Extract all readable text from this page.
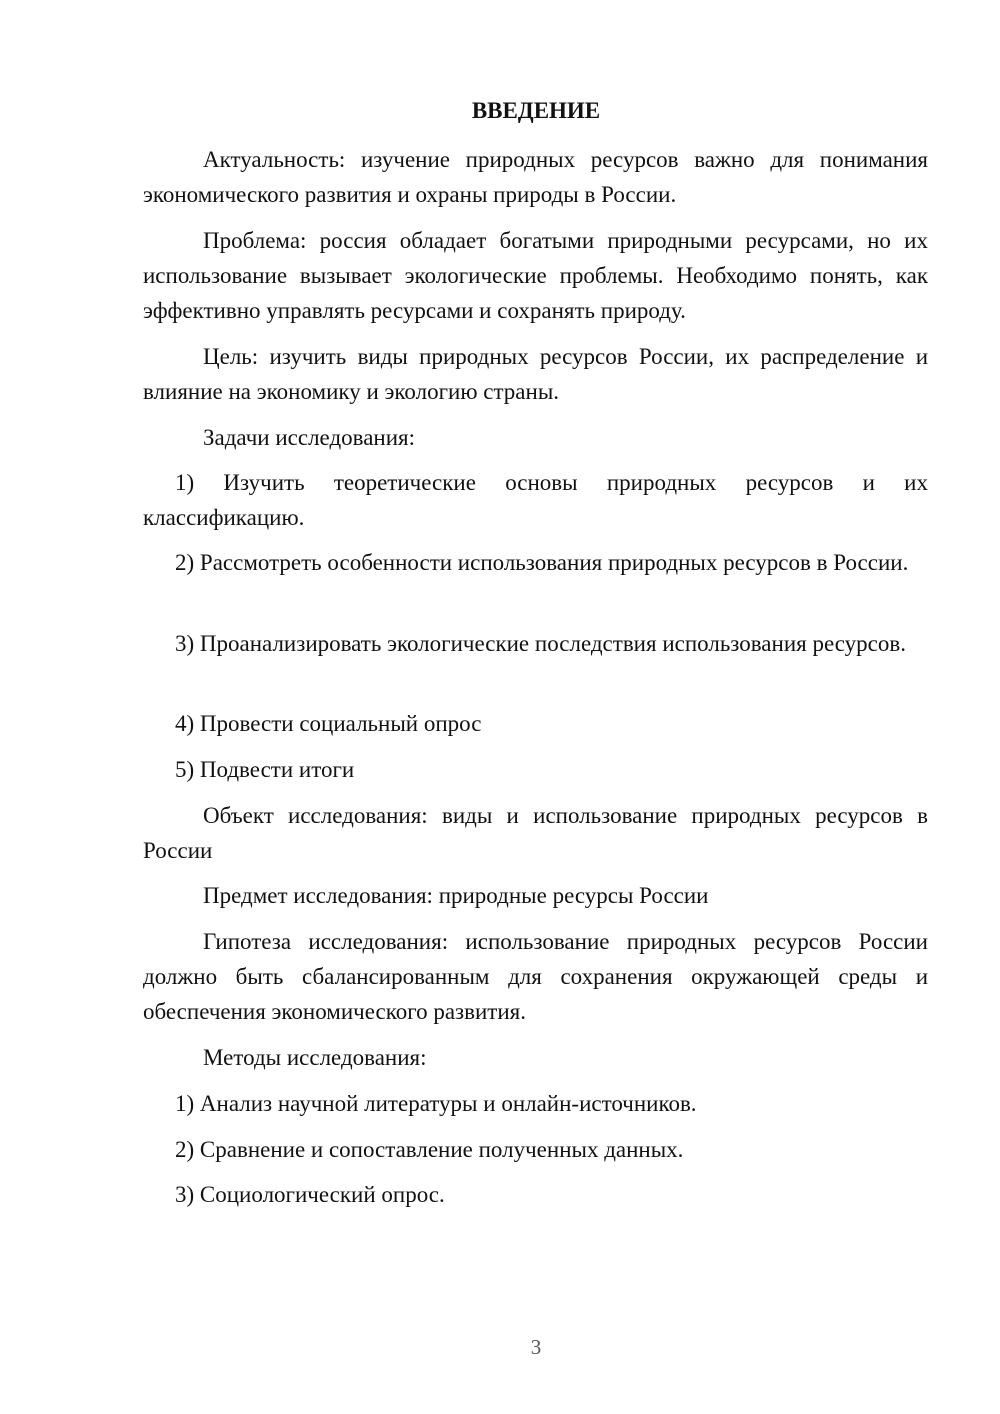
ВВЕДЕНИЕ

Актуальность: изучение природных ресурсов важно для понимания экономического развития и охраны природы в России.

Проблема: россия обладает богатыми природными ресурсами, но их использование вызывает экологические проблемы. Необходимо понять, как эффективно управлять ресурсами и сохранять природу.

Цель: изучить виды природных ресурсов России, их распределение и влияние на экономику и экологию страны.

Задачи исследования:

1) Изучить теоретические основы природных ресурсов и их классификацию.

2) Рассмотреть особенности использования природных ресурсов в России.

3) Проанализировать экологические последствия использования ресурсов.

4) Провести социальный опрос

5) Подвести итоги

Объект исследования: виды и использование природных ресурсов в России

Предмет исследования: природные ресурсы России

Гипотеза исследования: использование природных ресурсов России должно быть сбалансированным для сохранения окружающей среды и обеспечения экономического развития.

Методы исследования:

1) Анализ научной литературы и онлайн-источников.

2) Сравнение и сопоставление полученных данных.

3) Социологический опрос.

3
